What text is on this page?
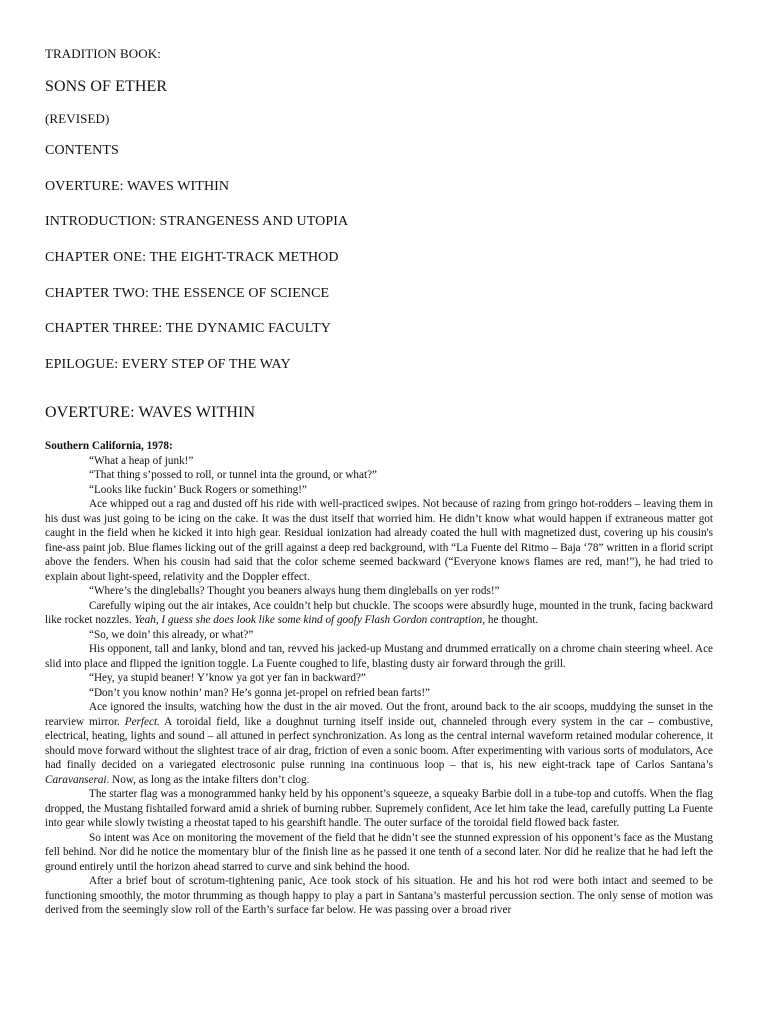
TRADITION BOOK:
SONS OF ETHER
(REVISED)
CONTENTS
OVERTURE: WAVES WITHIN
INTRODUCTION: STRANGENESS AND UTOPIA
CHAPTER ONE: THE EIGHT-TRACK METHOD
CHAPTER TWO: THE ESSENCE OF SCIENCE
CHAPTER THREE: THE DYNAMIC FACULTY
EPILOGUE: EVERY STEP OF THE WAY
OVERTURE: WAVES WITHIN

Southern California, 1978:

“What a heap of junk!”

“That thing s’possed to roll, or tunnel inta the ground, or what?”

“Looks like fuckin’ Buck Rogers or something!”

Ace whipped out a rag and dusted off his ride with well-practiced swipes. Not because of razing from gringo hot-rodders – leaving them in his dust was just going to be icing on the cake. It was the dust itself that worried him. He didn’t know what would happen if extraneous matter got caught in the field when he kicked it into high gear. Residual ionization had already coated the hull with magnetized dust, covering up his cousin's fine-ass paint job. Blue flames licking out of the grill against a deep red background, with “La Fuente del Ritmo – Baja ‘78” written in a florid script above the fenders. When his cousin had said that the color scheme seemed backward (“Everyone knows flames are red, man!”), he had tried to explain about light-speed, relativity and the Doppler effect.

“Where’s the dingleballs? Thought you beaners always hung them dingleballs on yer rods!”

Carefully wiping out the air intakes, Ace couldn’t help but chuckle. The scoops were absurdly huge, mounted in the trunk, facing backward like rocket nozzles. Yeah, I guess she does look like some kind of goofy Flash Gordon contraption, he thought.

“So, we doin’ this already, or what?”

His opponent, tall and lanky, blond and tan, revved his jacked-up Mustang and drummed erratically on a chrome chain steering wheel. Ace slid into place and flipped the ignition toggle. La Fuente coughed to life, blasting dusty air forward through the grill.

“Hey, ya stupid beaner! Y’know ya got yer fan in backward?”

“Don’t you know nothin’ man? He’s gonna jet-propel on refried bean farts!”

Ace ignored the insults, watching how the dust in the air moved. Out the front, around back to the air scoops, muddying the sunset in the rearview mirror. Perfect. A toroidal field, like a doughnut turning itself inside out, channeled through every system in the car – combustive, electrical, heating, lights and sound – all attuned in perfect synchronization. As long as the central internal waveform retained modular coherence, it should move forward without the slightest trace of air drag, friction of even a sonic boom. After experimenting with various sorts of modulators, Ace had finally decided on a variegated electrosonic pulse running ina continuous loop – that is, his new eight-track tape of Carlos Santana’s Caravanserai. Now, as long as the intake filters don’t clog.

The starter flag was a monogrammed hanky held by his opponent’s squeeze, a squeaky Barbie doll in a tube-top and cutoffs. When the flag dropped, the Mustang fishtailed forward amid a shriek of burning rubber. Supremely confident, Ace let him take the lead, carefully putting La Fuente into gear while slowly twisting a rheostat taped to his gearshift handle. The outer surface of the toroidal field flowed back faster.

So intent was Ace on monitoring the movement of the field that he didn’t see the stunned expression of his opponent’s face as the Mustang fell behind. Nor did he notice the momentary blur of the finish line as he passed it one tenth of a second later. Nor did he realize that he had left the ground entirely until the horizon ahead starred to curve and sink behind the hood.

After a brief bout of scrotum-tightening panic, Ace took stock of his situation. He and his hot rod were both intact and seemed to be functioning smoothly, the motor thrumming as though happy to play a part in Santana’s masterful percussion section. The only sense of motion was derived from the seemingly slow roll of the Earth’s surface far below. He was passing over a broad river
